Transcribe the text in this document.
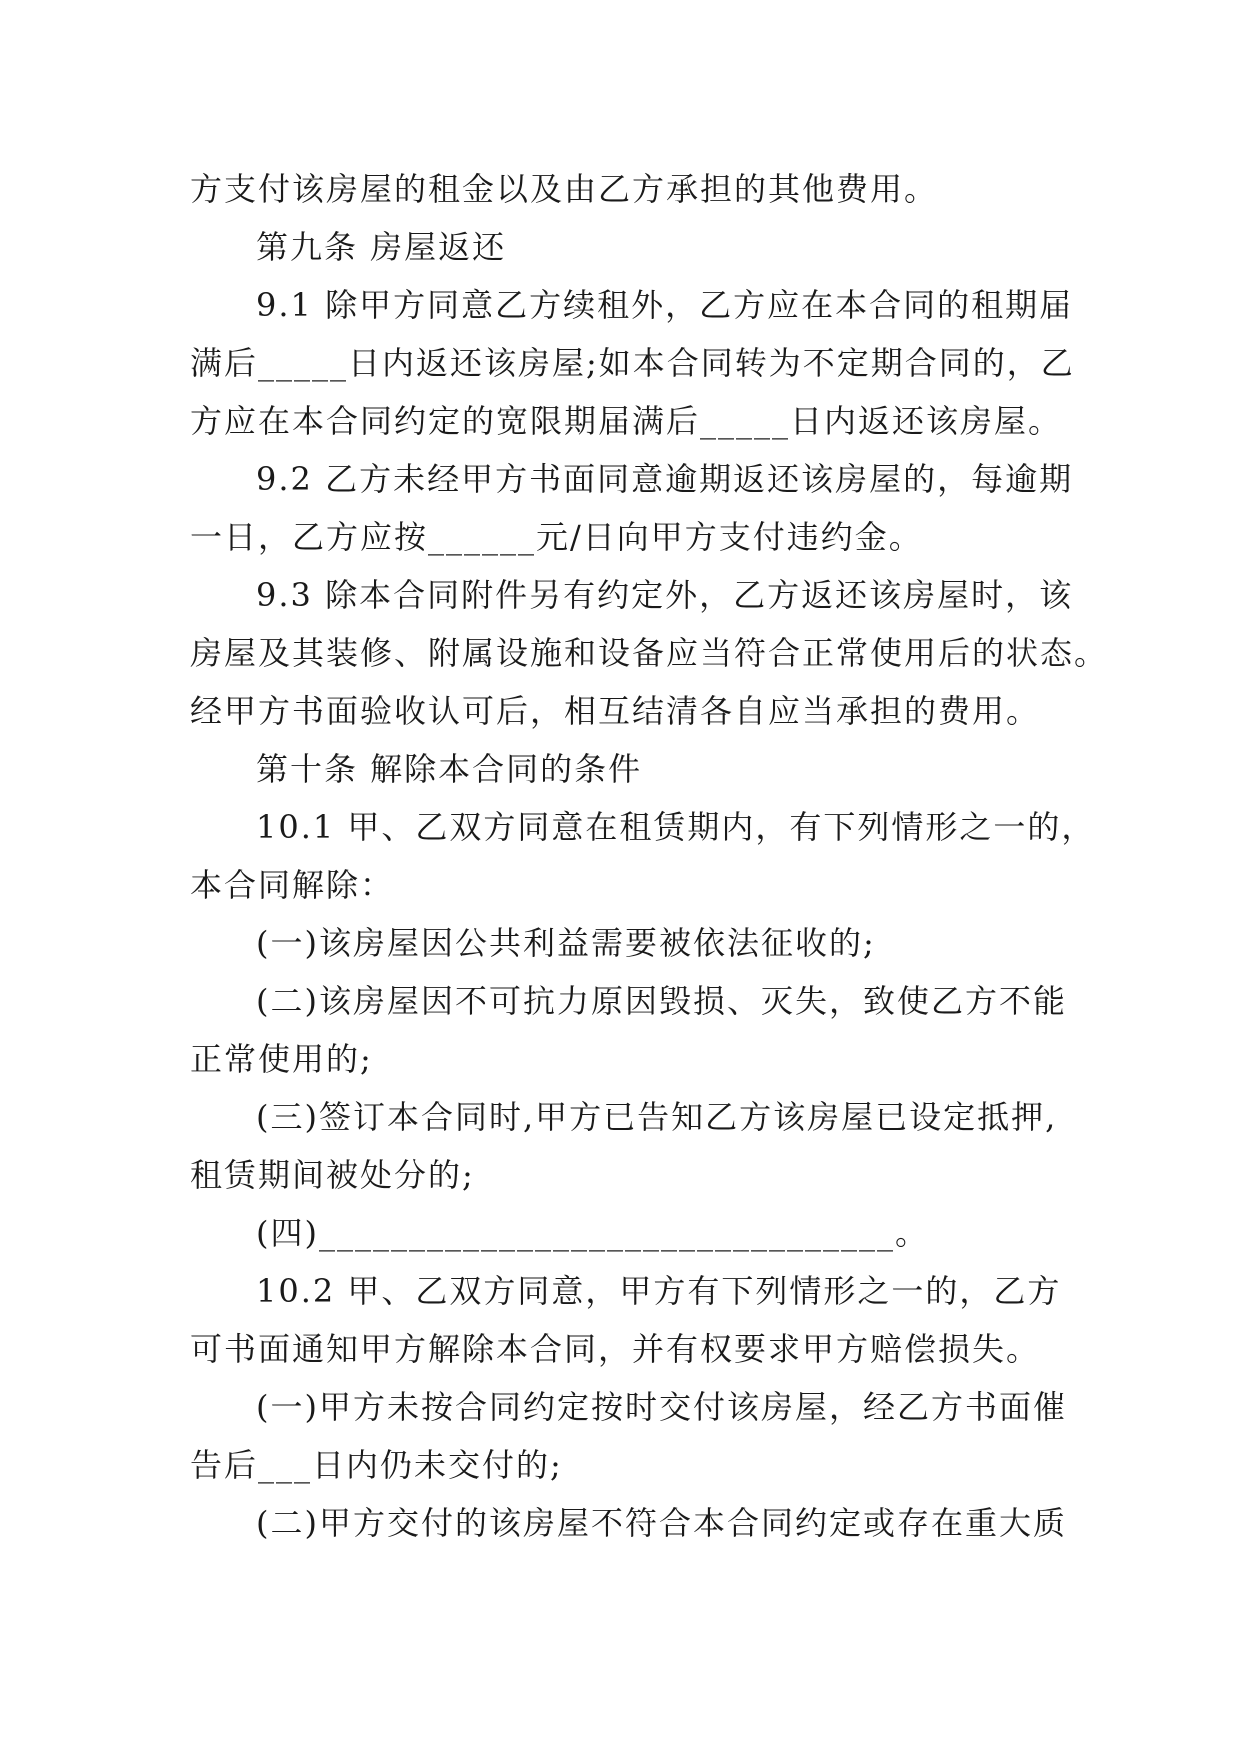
方支付该房屋的租金以及由乙方承担的其他费用。
第九条 房屋返还
9.1 除甲方同意乙方续租外，乙方应在本合同的租期届
满后_____日内返还该房屋;如本合同转为不定期合同的，乙
方应在本合同约定的宽限期届满后_____日内返还该房屋。
9.2 乙方未经甲方书面同意逾期返还该房屋的，每逾期
一日，乙方应按______元/日向甲方支付违约金。
9.3 除本合同附件另有约定外，乙方返还该房屋时，该
房屋及其装修、附属设施和设备应当符合正常使用后的状态。
经甲方书面验收认可后，相互结清各自应当承担的费用。
第十条 解除本合同的条件
10.1 甲、乙双方同意在租赁期内，有下列情形之一的，
本合同解除：
(一)该房屋因公共利益需要被依法征收的;
(二)该房屋因不可抗力原因毁损、灭失，致使乙方不能
正常使用的;
(三)签订本合同时,甲方已告知乙方该房屋已设定抵押,
租赁期间被处分的;
(四)________________________________。
10.2 甲、乙双方同意，甲方有下列情形之一的，乙方
可书面通知甲方解除本合同，并有权要求甲方赔偿损失。
(一)甲方未按合同约定按时交付该房屋，经乙方书面催
告后___日内仍未交付的;
(二)甲方交付的该房屋不符合本合同约定或存在重大质
